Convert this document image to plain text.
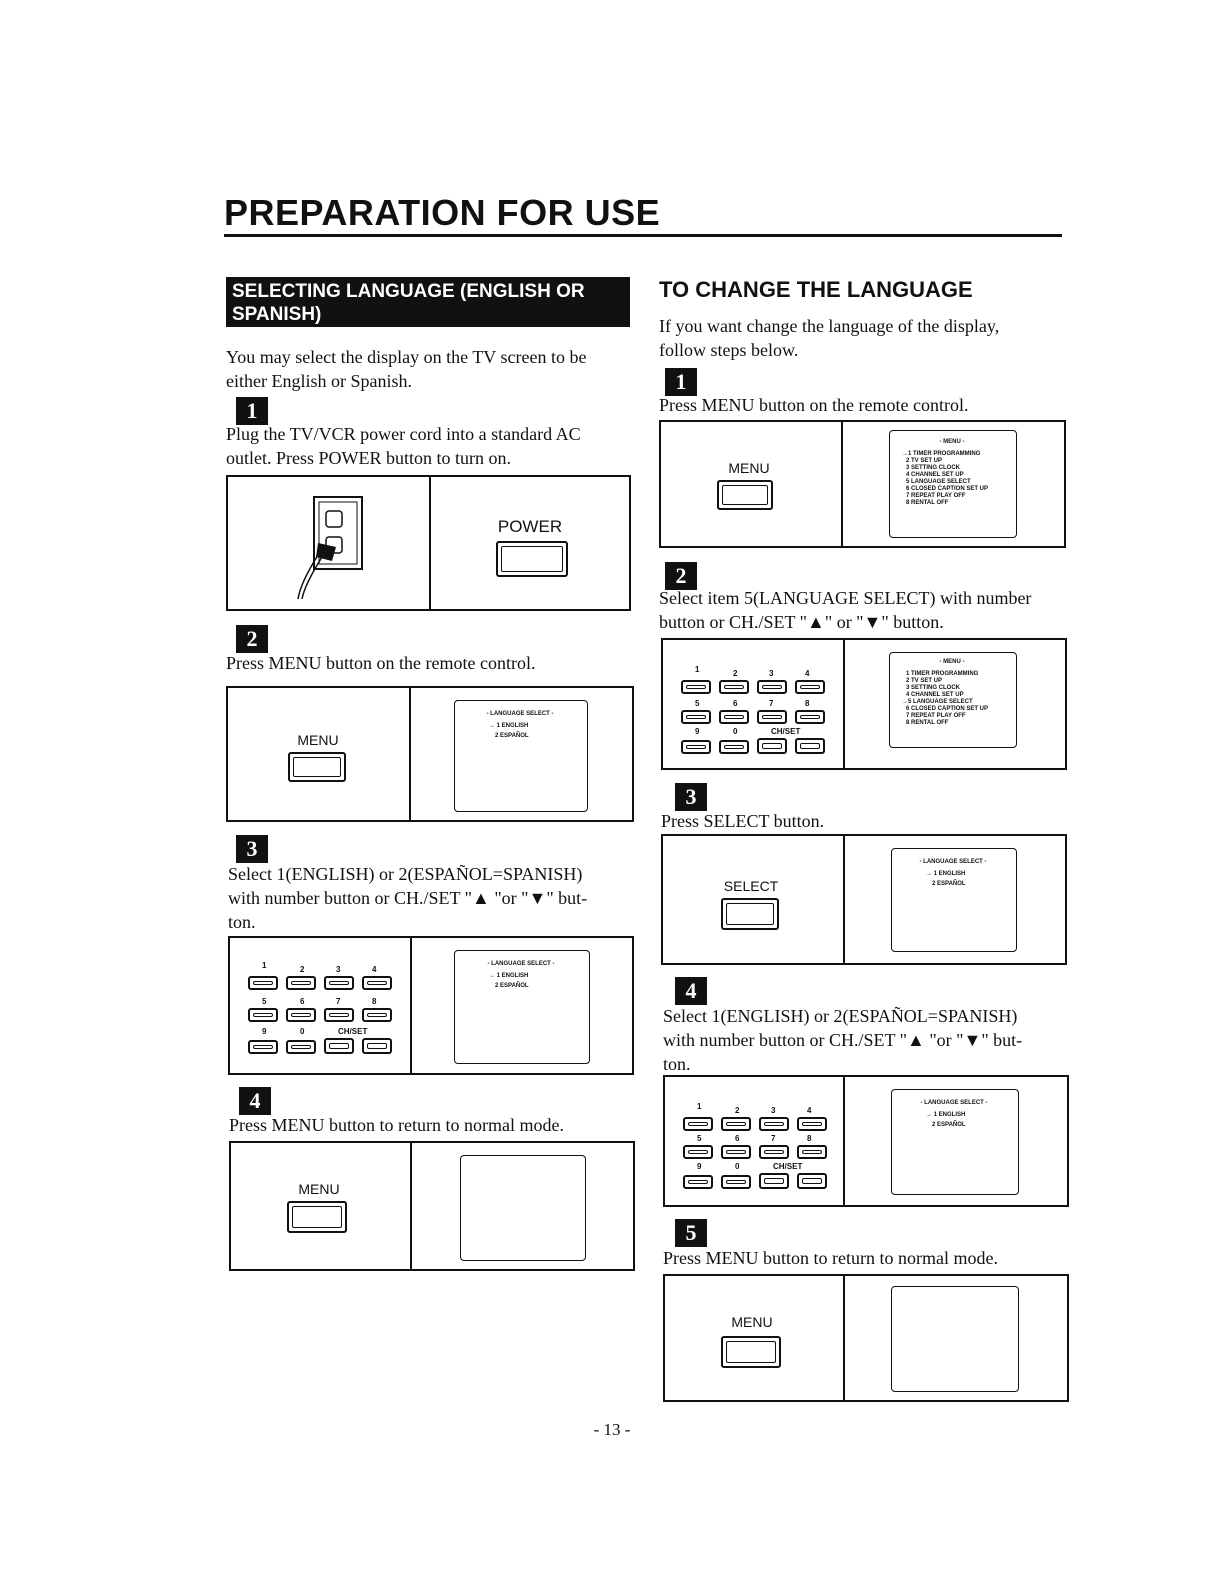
PREPARATION FOR USE
SELECTING LANGUAGE (ENGLISH OR
SPANISH)
You may select the display on the TV screen to be
either English or Spanish.
1
Plug the TV/VCR power cord into a standard AC
outlet. Press POWER button to turn on.
POWER
2
Press MENU button on the remote control.
MENU
- LANGUAGE SELECT -
→ 1 ENGLISH
2 ESPAÑOL
3
Select 1(ENGLISH) or 2(ESPAÑOL=SPANISH)
with number button or CH./SET "▲ "or "▼" but-
ton.
1	2	3	4
5	6	7	8
9	0	CH/SET
- LANGUAGE SELECT -
→ 1 ENGLISH
2 ESPAÑOL
4
Press MENU button to return to normal mode.
MENU
TO CHANGE THE LANGUAGE
If you want change the language of the display,
follow steps below.
1
Press MENU button on the remote control.
MENU
- MENU -
→1 TIMER PROGRAMMING
2 TV SET UP
3 SETTING CLOCK
4 CHANNEL SET UP
5 LANGUAGE SELECT
6 CLOSED CAPTION SET UP
7 REPEAT PLAY OFF
8 RENTAL OFF
2
Select item 5(LANGUAGE SELECT) with number
button or CH./SET "▲" or "▼" button.
1	2	3	4
5	6	7	8
9	0	CH/SET
- MENU -
1 TIMER PROGRAMMING
2 TV SET UP
3 SETTING CLOCK
4 CHANNEL SET UP
→5 LANGUAGE SELECT
6 CLOSED CAPTION SET UP
7 REPEAT PLAY OFF
8 RENTAL OFF
3
Press SELECT button.
SELECT
- LANGUAGE SELECT -
→ 1 ENGLISH
2 ESPAÑOL
4
Select 1(ENGLISH) or 2(ESPAÑOL=SPANISH)
with number button or CH./SET "▲ "or "▼" but-
ton.
1	2	3	4
5	6	7	8
9	0	CH/SET
- LANGUAGE SELECT -
→ 1 ENGLISH
2 ESPAÑOL
5
Press MENU button to return to normal mode.
MENU
- 13 -
